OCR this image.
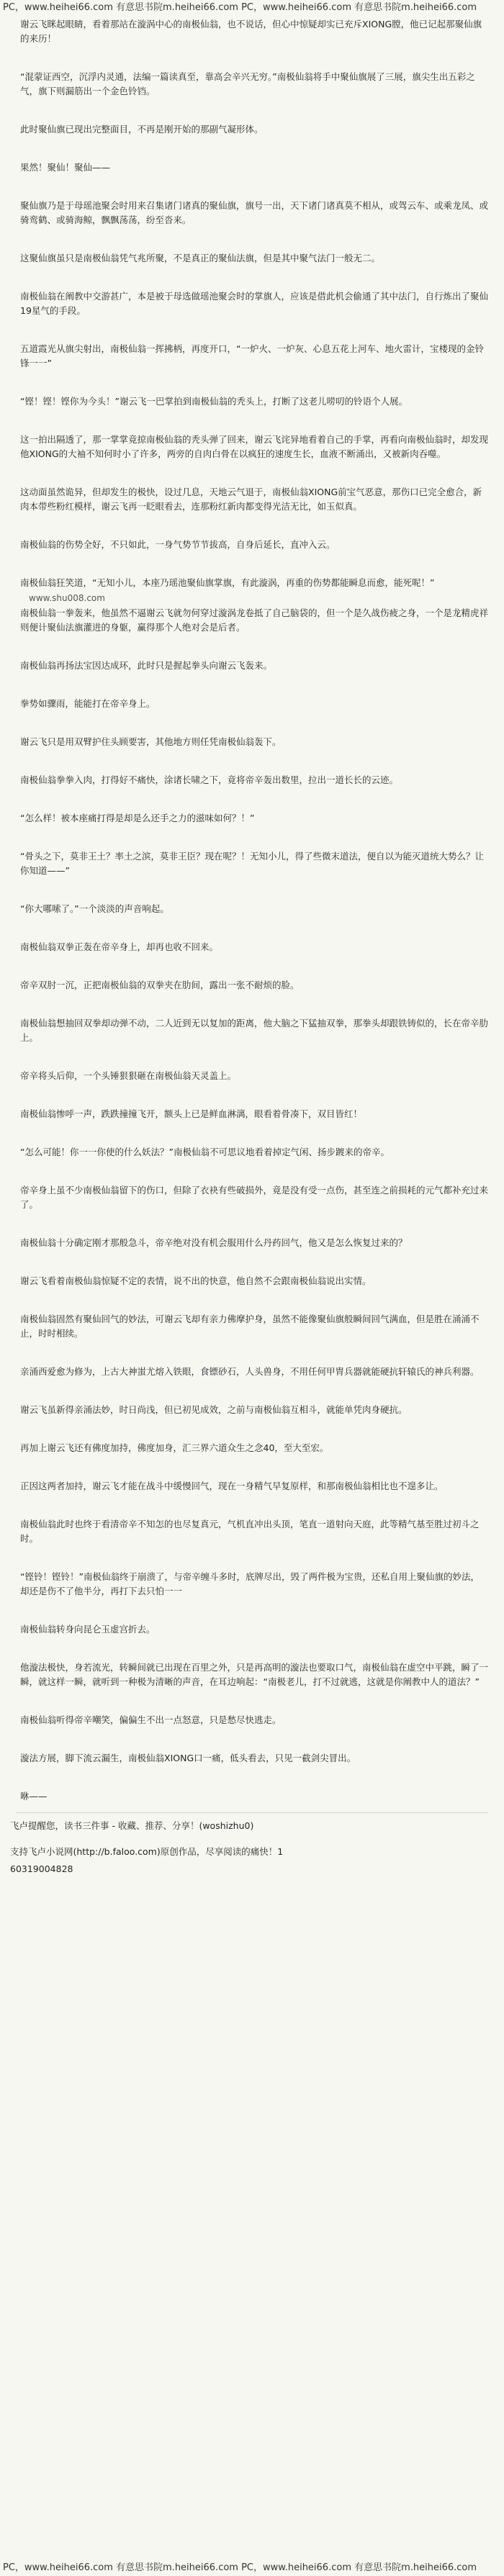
PC，www.heihei66.com 有意思书院m.heihei66.com PC，www.heihei66.com 有意思书院m.heihei66.com

谢云飞眯起眼睛，看着那站在漩涡中心的南极仙翁，也不说话，但心中惊疑却实已充斥XIONG膛，他已记起那聚仙旗的来历！

“混蒙证西空，沉浮内灵通，法编一篇读真至，靠高会辛兴无穷。”南极仙翁将手中聚仙旗展了三展，旗尖生出五彩之气，旗下则漏筋出一个金色铃铛。

此时聚仙旗已现出完整面目，不再是刚开始的那副气凝形体。

果然！聚仙！聚仙——

聚仙旗乃是于母瑶池聚会时用来召集诸门诸真的聚仙旗，旗号一出，天下诸门诸真莫不相从，或驾云车、或乘龙凤、或骑鸾鹤、或骑海鲸，飘飘荡荡，纷至沓来。

这聚仙旗虽只是南极仙翁凭气兆所聚，不是真正的聚仙法旗，但是其中聚气法门一般无二。

南极仙翁在阐教中交游甚广，本是被于母选做瑶池聚会时的掌旗人，应该是借此机会偷通了其中法门，自行炼出了聚仙19星气的手段。

五道霞光从旗尖射出，南极仙翁一挥拂柄，再度开口，“一炉火、一炉灰、心息五花上河车、地火雷计，宝楼现的金铃锋一一”

“铿！铿！铿你为今头！”谢云飞一巴掌拍到南极仙翁的秃头上，打断了这老儿唠叨的铃语个人展。

这一拍出隔透了，那一掌掌竟掠南极仙翁的秃头弹了回来，谢云飞诧异地看着自己的手掌，再看向南极仙翁时，却发现他XIONG的大袖不知何时小了许多，两旁的自肉白骨在以疯狂的速度生长，血液不断涌出，又被新肉吞噬。

这动面虽然诡异，但却发生的极快，设过几息，天地云气退于，南极仙翁XIONG前宝气恶意，那伤口已完全愈合，新肉本带些粉红模样，谢云飞再一眨眼看去，连那粉红新肉都变得光洁无比，如玉似真。

南极仙翁的伤势全好，不只如此，一身气势节节拔高，自身后延长，直冲入云。

南极仙翁狂笑道，“无知小儿，本座乃瑶池聚仙旗掌旗，有此漩涡，再重的伤势都能瞬息而愈，能死呢！”

www.shu008.com

南极仙翁一拳轰来，他虽然不逼谢云飞就勿何穿过漩涡龙卷抵了自己脑袋的，但一个是久战伤疲之身，一个是龙精虎祥则便计聚仙法旗灌进的身躯，赢得那个人绝对会是后者。

南极仙翁再扬法宝因达成环，此时只是握起拳头向谢云飞轰来。

拳势如骤雨，能能打在帝辛身上。

谢云飞只是用双臂护住头顾要害，其他地方则任凭南极仙翁轰下。

南极仙翁拳拳入肉，打得好不痛快，涂诸长啸之下，竟将帝辛轰出数里，拉出一道长长的云迹。

“怎么样！被本座痛打得是却是么还手之力的滋味如何？！”

“骨头之下，莫非王土？率土之滨，莫非王臣？现在呢？！无知小儿，得了些微末道法，便自以为能灭道统大势么？让你知道——”

“你大哪嗦了。”一个淡淡的声音响起。

南极仙翁双拳正轰在帝辛身上，却再也收不回来。

帝辛双肘一沉，正把南极仙翁的双拳夹在肋间，露出一张不耐烦的脸。

南极仙翁想抽回双拳却动弹不动，二人近到无以复加的距离，他大脑之下猛抽双拳，那拳头却跟铁铸似的，长在帝辛肋上。

帝辛将头后仰，一个头锤狠狠砸在南极仙翁天灵盖上。

南极仙翁惨呼一声，跌跌撞撞飞开，额头上已是鲜血淋漓，眼看着骨凑下，双目皆红！

“怎么可能！你一一你使的什么妖法？”南极仙翁不可思议地看着掉定气闲、扬步踱来的帝辛。

帝辛身上虽不少南极仙翁留下的伤口，但除了衣袂有些破损外，竟是没有受一点伤，甚至连之前损耗的元气都补充过来了。

南极仙翁十分确定刚才那般急斗，帝辛绝对没有机会服用什么丹药回气，他又是怎么恢复过来的？

谢云飞看着南极仙翁惊疑不定的表情，说不出的快意，他自然不会跟南极仙翁说出实情。

南极仙翁固然有聚仙回气的妙法，可谢云飞却有亲力佛摩护身，虽然不能像聚仙旗般瞬间回气满血，但是胜在涌涌不止，时时相续。

亲涌西爱愈为修为，上古大神蚩尤熔入铁眼，食镖砂石，人头兽身，不用任何甲胄兵器就能硬抗轩辕氏的神兵利器。

谢云飞虽新得亲涌法妙，时日尚浅，但已初见成效，之前与南极仙翁互相斗，就能单凭肉身硬抗。

再加上谢云飞还有佛度加持，佛度加身，汇三界六道众生之念40，至大至宏。

正因这两者加持，谢云飞才能在战斗中缓慢回气，现在一身精气早复原样，和那南极仙翁相比也不遑多让。

南极仙翁此时也终于看清帝辛不知怎的也尽复真元，气机直冲出头顶，笔直一道射向天庭，此等精气基至胜过初斗之时。

“铿铃！铿铃！”南极仙翁终于崩溃了，与帝辛缠斗多时，底牌尽出，毁了两件极为宝贵，还私自用上聚仙旗的妙法，却还是伤不了他半分，再打下去只怕一一

南极仙翁转身向昆仑玉虚宫折去。

他漩法极快，身若流光，转瞬间就已出现在百里之外，只是再高明的漩法也要取口气，南极仙翁在虚空中平跳，瞬了一瞬，就这样一瞬，就听到一种极为清晰的声音，在耳边响起：“南极老儿，打不过就逃，这就是你阐教中人的道法？”

南极仙翁听得帝辛嘲笑，偏偏生不出一点怒意，只是愁尽快逃走。

漩法方展，脚下流云漏生，南极仙翁XIONG口一痛，低头看去，只见一截剑尖冒出。

咻——

飞卢提醒您，读书三件事 - 收藏、推荐、分享！(woshizhu0)
支持飞卢小说网(http://b.faloo.com)原创作品，尽享阅读的痛快！1
60319004828
PC，www.heihei66.com 有意思书院m.heihei66.com PC，www.heihei66.com 有意思书院m.heihei66.com
